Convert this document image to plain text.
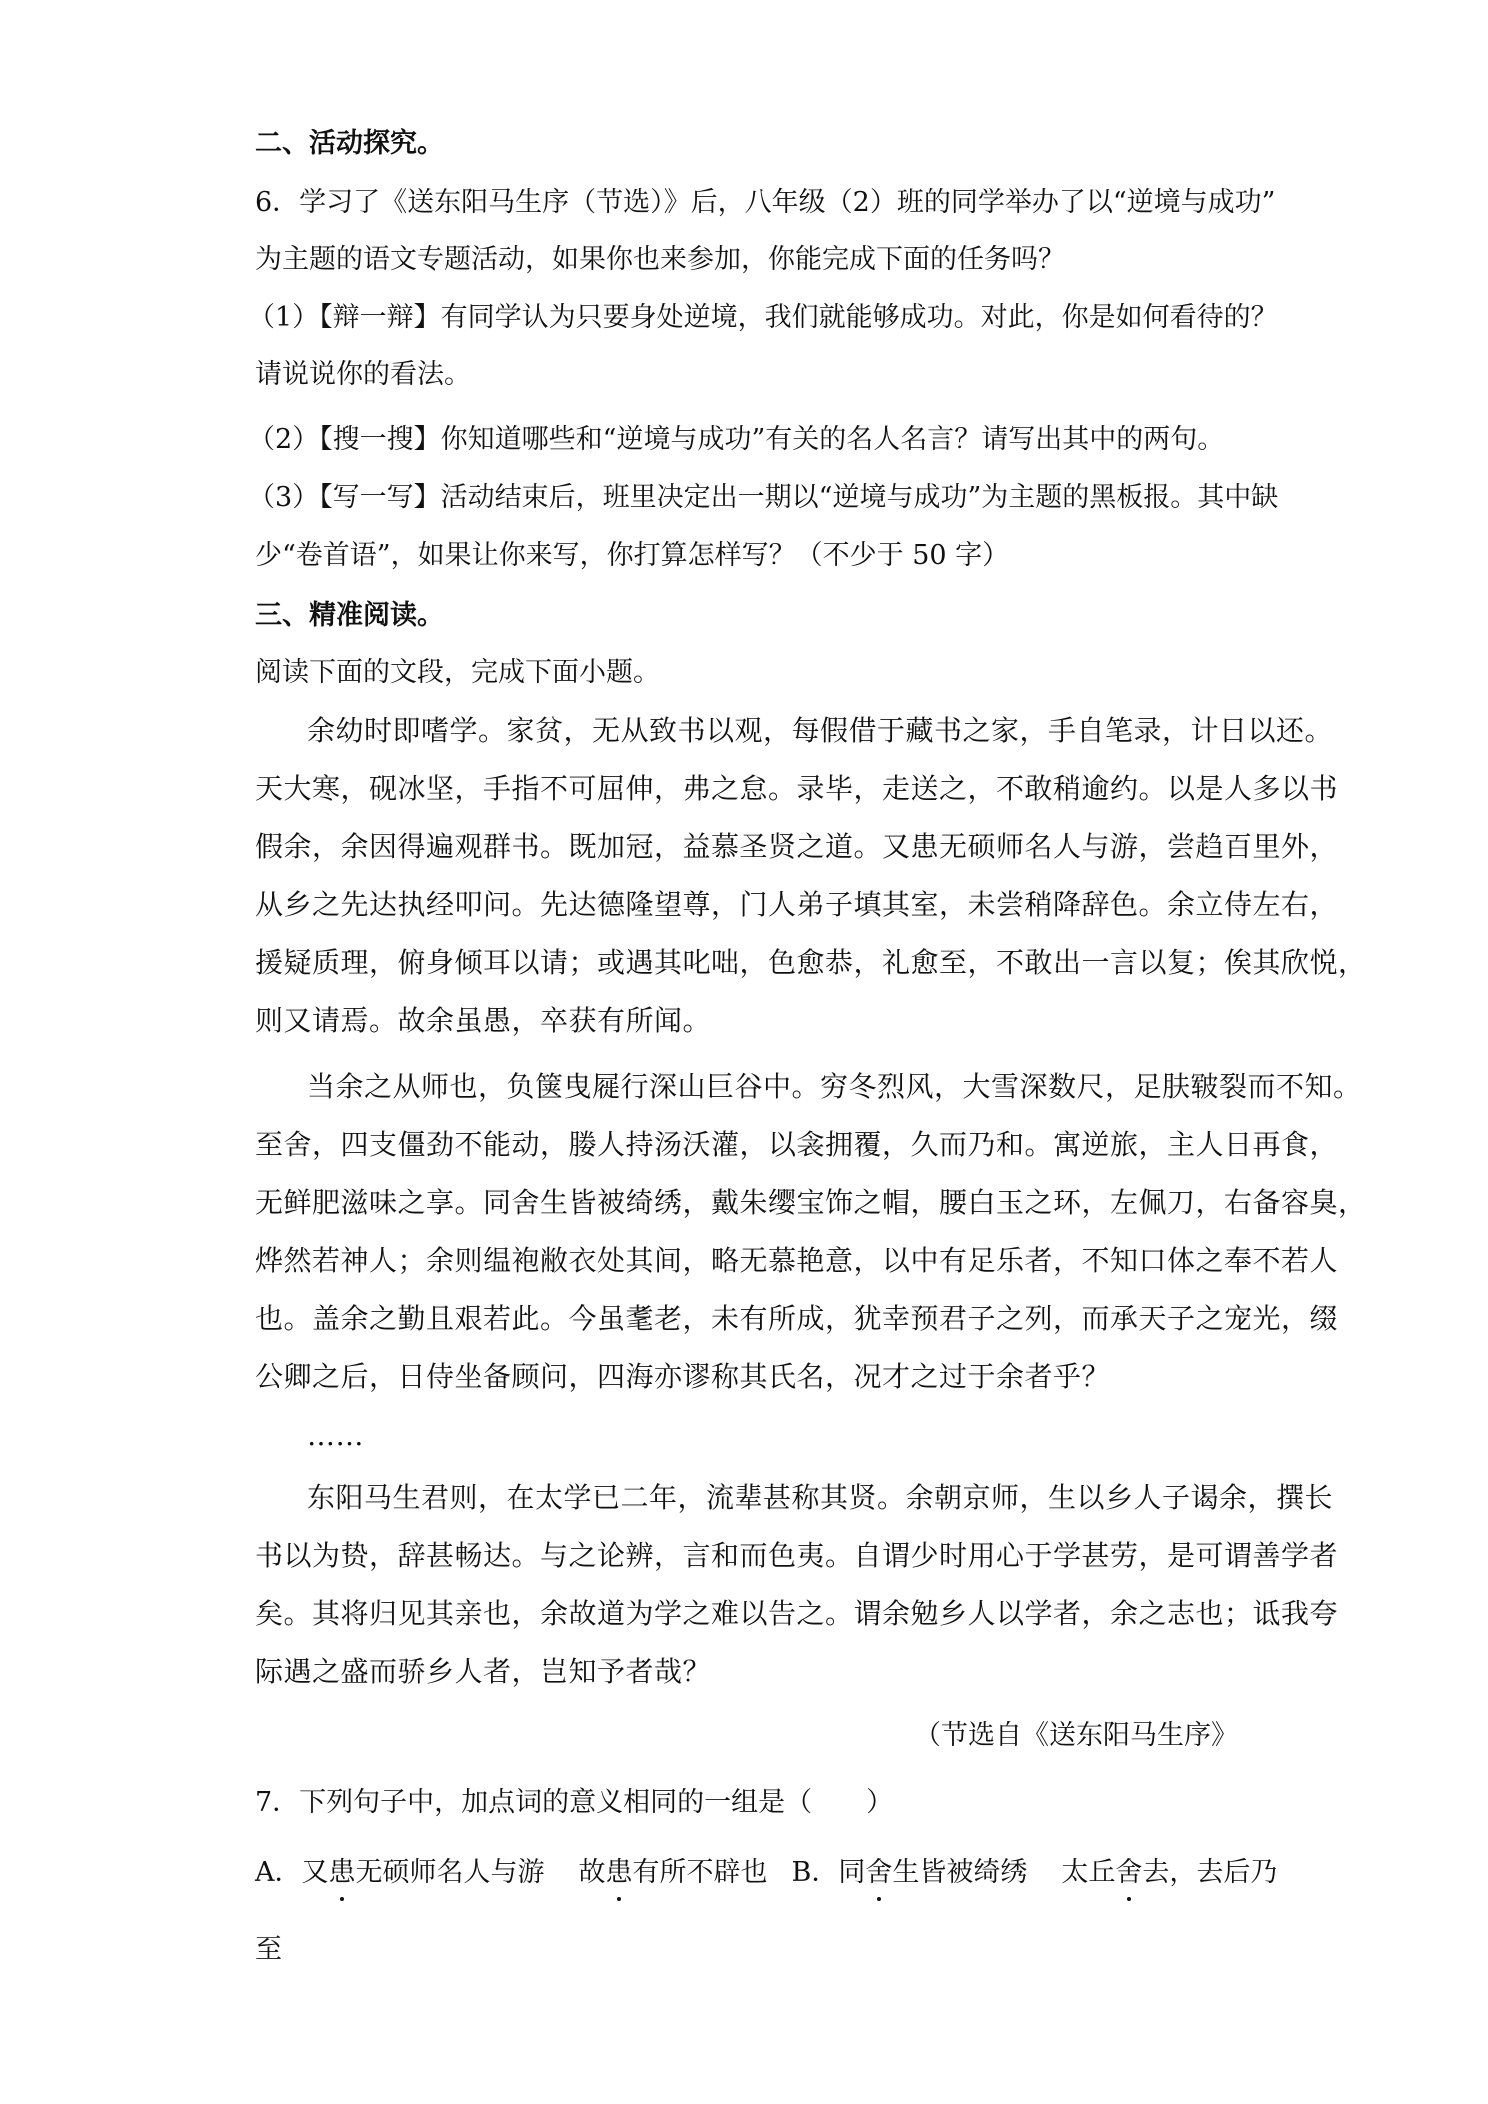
二、活动探究。
6．学习了《送东阳马生序（节选）》后，八年级（2）班的同学举办了以“逆境与成功”
为主题的语文专题活动，如果你也来参加，你能完成下面的任务吗？
（1）【辩一辩】有同学认为只要身处逆境，我们就能够成功。对此，你是如何看待的？
请说说你的看法。
（2）【搜一搜】你知道哪些和“逆境与成功”有关的名人名言？请写出其中的两句。
（3）【写一写】活动结束后，班里决定出一期以“逆境与成功”为主题的黑板报。其中缺
少“卷首语”，如果让你来写，你打算怎样写？（不少于 50 字）
三、精准阅读。
阅读下面的文段，完成下面小题。
余幼时即嗜学。家贫，无从致书以观，每假借于藏书之家，手自笔录，计日以还。
天大寒，砚冰坚，手指不可屈伸，弗之怠。录毕，走送之，不敢稍逾约。以是人多以书
假余，余因得遍观群书。既加冠，益慕圣贤之道。又患无硕师名人与游，尝趋百里外，
从乡之先达执经叩问。先达德隆望尊，门人弟子填其室，未尝稍降辞色。余立侍左右，
援疑质理，俯身倾耳以请；或遇其叱咄，色愈恭，礼愈至，不敢出一言以复；俟其欣悦，
则又请焉。故余虽愚，卒获有所闻。
当余之从师也，负箧曳屣行深山巨谷中。穷冬烈风，大雪深数尺，足肤皲裂而不知。
至舍，四支僵劲不能动，媵人持汤沃灌，以衾拥覆，久而乃和。寓逆旅，主人日再食，
无鲜肥滋味之享。同舍生皆被绮绣，戴朱缨宝饰之帽，腰白玉之环，左佩刀，右备容臭，
烨然若神人；余则缊袍敝衣处其间，略无慕艳意，以中有足乐者，不知口体之奉不若人
也。盖余之勤且艰若此。今虽耄老，未有所成，犹幸预君子之列，而承天子之宠光，缀
公卿之后，日侍坐备顾问，四海亦谬称其氏名，况才之过于余者乎？
……
东阳马生君则，在太学已二年，流辈甚称其贤。余朝京师，生以乡人子谒余，撰长
书以为贽，辞甚畅达。与之论辨，言和而色夷。自谓少时用心于学甚劳，是可谓善学者
矣。其将归见其亲也，余故道为学之难以告之。谓余勉乡人以学者，余之志也；诋我夸
际遇之盛而骄乡人者，岂知予者哉？
（节选自《送东阳马生序》
7．下列句子中，加点词的意义相同的一组是（　　）
A．又患无硕师名人与游 故患有所不辟也 B．同舍生皆被绮绣 太丘舍去，去后乃
至
